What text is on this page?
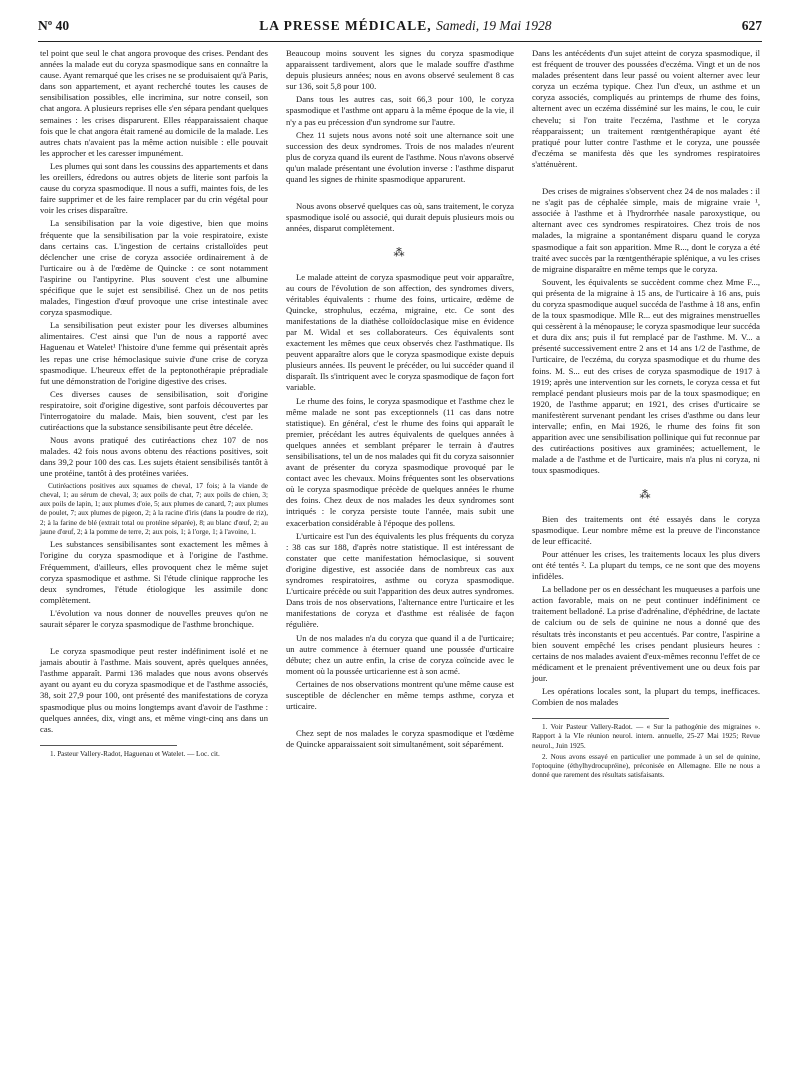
Nº 40	LA PRESSE MÉDICALE, Samedi, 19 Mai 1928	627

tel point que seul le chat angora provoque des crises. Pendant des années la malade eut du coryza spasmodique sans en connaître la cause. Ayant remarqué que les crises ne se produisaient qu'à Paris, dans son appartement, et ayant recherché toutes les causes de sensibilisation possibles, elle incrimina, sur notre conseil, son chat angora. A plusieurs reprises elle s'en sépara pendant quelques semaines : les crises disparurent. Elles réapparaissaient chaque fois que le chat angora était ramené au domicile de la malade. Les autres chats n'avaient pas la même action nuisible : elle pouvait les approcher et les caresser impunément.

Les plumes qui sont dans les coussins des appartements et dans les oreillers, édredons ou autres objets de literie sont parfois la cause du coryza spasmodique. Il nous a suffi, maintes fois, de les faire supprimer et de les faire remplacer par du crin végétal pour voir les crises disparaître.

La sensibilisation par la voie digestive, bien que moins fréquente que la sensibilisation par la voie respiratoire, existe dans certains cas. L'ingestion de certains cristalloïdes peut déclencher une crise de coryza associée ordinairement à de l'urticaire ou à de l'œdème de Quincke : ce sont notamment l'aspirine ou l'antipyrine. Plus souvent c'est une albumine spécifique que le sujet est sensibilisé. Chez un de nos petits malades, l'ingestion d'œuf provoque une crise intestinale avec coryza spasmodique.

La sensibilisation peut exister pour les diverses albumines alimentaires. C'est ainsi que l'un de nous a rapporté avec Haguenau et Watelet¹ l'histoire d'une femme qui présentait après les repas une crise hémoclasique suivie d'une crise de coryza spasmodique. L'heureux effet de la peptonothérapie prépradiale fut une démonstration de l'origine digestive des crises.

Ces diverses causes de sensibilisation, soit d'origine respiratoire, soit d'origine digestive, sont parfois découvertes par l'interrogatoire du malade. Mais, bien souvent, c'est par les cutiréactions que la substance sensibilisante peut être décelée.

Nous avons pratiqué des cutiréactions chez 107 de nos malades. 42 fois nous avons obtenu des réactions positives, soit dans 39,2 pour 100 des cas. Les sujets étaient sensibilisés tantôt à une protéine, tantôt à des protéines variées.

Cutiréactions positives aux squames de cheval, 17 fois; à la viande de cheval, 1; au sérum de cheval, 3; aux poils de chat, 7; aux poils de chien, 3; aux poils de lapin, 1; aux plumes d'oie, 5; aux plumes de canard, 7; aux plumes de poulet, 7; aux plumes de pigeon, 2; à la racine d'iris (dans la poudre de riz), 2; à la farine de blé (extrait total ou protéine séparée), 8; au blanc d'œuf, 2; au jaune d'œuf, 2; à la pomme de terre, 2; aux pois, 1; à l'orge, 1; à l'avoine, 1.

Les substances sensibilisantes sont exactement les mêmes à l'origine du coryza spasmodique et à l'origine de l'asthme. Fréquemment, d'ailleurs, elles provoquent chez le même sujet coryza spasmodique et asthme. Si l'étude clinique rapproche les deux syndromes, l'étude étiologique les assimile donc complètement.

L'évolution va nous donner de nouvelles preuves qu'on ne saurait séparer le coryza spasmodique de l'asthme bronchique.

Le coryza spasmodique peut rester indéfiniment isolé et ne jamais aboutir à l'asthme. Mais souvent, après quelques années, l'asthme apparaît. Parmi 136 malades que nous avons observés ayant ou ayant eu du coryza spasmodique et de l'asthme associés, 38, soit 27,9 pour 100, ont présenté des manifestations de coryza spasmodique plus ou moins longtemps avant d'avoir de l'asthme : quelques années, dix, vingt ans, et même vingt-cinq ans dans un cas.

1. Pasteur Vallery-Radot, Haguenau et Watelet. — Loc. cit.

Beaucoup moins souvent les signes du coryza spasmodique apparaissent tardivement, alors que le malade souffre d'asthme depuis plusieurs années; nous en avons observé seulement 8 cas sur 136, soit 5,8 pour 100.

Dans tous les autres cas, soit 66,3 pour 100, le coryza spasmodique et l'asthme ont apparu à la même époque de la vie, il n'y a pas eu précession d'un syndrome sur l'autre.

Chez 11 sujets nous avons noté soit une alternance soit une succession des deux syndromes. Trois de nos malades n'eurent plus de coryza quand ils eurent de l'asthme. Nous n'avons observé qu'un malade présentant une évolution inverse : l'asthme disparut quand les signes de rhinite spasmodique apparurent.

Nous avons observé quelques cas où, sans traitement, le coryza spasmodique isolé ou associé, qui durait depuis plusieurs mois ou années, disparut complètement.

⁂

Le malade atteint de coryza spasmodique peut voir apparaître, au cours de l'évolution de son affection, des syndromes divers, véritables équivalents : rhume des foins, urticaire, œdème de Quincke, strophulus, eczéma, migraine, etc. Ce sont des manifestations de la diathèse colloïdoclasique mise en évidence par M. Widal et ses collaborateurs. Ces équivalents sont exactement les mêmes que ceux observés chez l'asthmatique. Ils peuvent apparaître alors que le coryza spasmodique existe depuis plusieurs années. Ils peuvent le précéder, ou lui succéder quand il disparaît. Ils s'intriquent avec le coryza spasmodique de façon fort variable.

Le rhume des foins, le coryza spasmodique et l'asthme chez le même malade ne sont pas exceptionnels (11 cas dans notre statistique). En général, c'est le rhume des foins qui apparaît le premier, précédant les autres équivalents de quelques années à quelques années et semblant préparer le terrain à d'autres sensibilisations, tel un de nos malades qui fit du coryza saisonnier avant de présenter du coryza spasmodique provoqué par le contact avec les chevaux. Moins fréquentes sont les observations où le coryza spasmodique précède de quelques années le rhume des foins. Chez deux de nos malades les deux syndromes sont intriqués : le coryza persiste toute l'année, mais subit une exacerbation considérable à l'époque des pollens.

L'urticaire est l'un des équivalents les plus fréquents du coryza : 38 cas sur 188, d'après notre statistique. Il est intéressant de constater que cette manifestation hémoclasique, si souvent d'origine digestive, est associée dans de nombreux cas aux syndromes respiratoires, asthme ou coryza spasmodique. L'urticaire précède ou suit l'apparition des deux autres syndromes. Dans trois de nos observations, l'alternance entre l'urticaire et les manifestations de coryza et d'asthme est réalisée de façon régulière.

Un de nos malades n'a du coryza que quand il a de l'urticaire; un autre commence à éternuer quand une poussée d'urticaire débute; chez un autre enfin, la crise de coryza coïncide avec le moment où la poussée urticarienne est à son acmé.

Certaines de nos observations montrent qu'une même cause est susceptible de déclencher en même temps asthme, coryza et urticaire.

Chez sept de nos malades le coryza spasmodique et l'œdème de Quincke apparaissaient soit simultanément, soit séparément.

Dans les antécédents d'un sujet atteint de coryza spasmodique, il est fréquent de trouver des poussées d'eczéma. Vingt et un de nos malades présentent dans leur passé ou voient alterner avec leur coryza un eczéma typique. Chez l'un d'eux, un asthme et un coryza associés, compliqués au printemps de rhume des foins, alternent avec un eczéma disséminé sur les mains, le cou, le cuir chevelu; si l'on traite l'eczéma, l'asthme et le coryza réapparaissent; un traitement rœntgenthérapique ayant été pratiqué pour lutter contre l'asthme et le coryza, une poussée d'eczéma se manifesta dès que les syndromes respiratoires s'atténuèrent.

Des crises de migraines s'observent chez 24 de nos malades : il ne s'agit pas de céphalée simple, mais de migraine vraie ¹, associée à l'asthme et à l'hydrorrhée nasale paroxystique, ou alternant avec ces syndromes respiratoires. Chez trois de nos malades, la migraine a spontanément disparu quand le coryza spasmodique a fait son apparition. Mme R..., dont le coryza a été traité avec succès par la rœntgenthérapie splénique, a vu les crises de migraine disparaître en même temps que le coryza.

Souvent, les équivalents se succèdent comme chez Mme F..., qui présenta de la migraine à 15 ans, de l'urticaire à 16 ans, puis du coryza spasmodique auquel succéda de l'asthme à 18 ans, enfin de la toux spasmodique. Mlle R... eut des migraines menstruelles qui cessèrent à la ménopause; le coryza spasmodique leur succéda et dura dix ans; puis il fut remplacé par de l'asthme. M. V... a présenté successivement entre 2 ans et 14 ans 1/2 de l'asthme, de l'urticaire, de l'eczéma, du coryza spasmodique et du rhume des foins. M. S... eut des crises de coryza spasmodique de 1917 à 1919; après une intervention sur les cornets, le coryza cessa et fut remplacé pendant plusieurs mois par de la toux spasmodique; en 1920, de l'asthme apparut; en 1921, des crises d'urticaire se manifestèrent survenant pendant les crises d'asthme ou dans leur intervalle; enfin, en Mai 1926, le rhume des foins fit son apparition avec une sensibilisation pollinique qui fut reconnue par des cutiréactions positives aux graminées; actuellement, le malade a de l'asthme et de l'urticaire, mais n'a plus ni coryza, ni toux spasmodiques.

⁂

Bien des traitements ont été essayés dans le coryza spasmodique. Leur nombre même est la preuve de l'inconstance de leur efficacité.

Pour atténuer les crises, les traitements locaux les plus divers ont été tentés ². La plupart du temps, ce ne sont que des moyens infidèles.

La belladone per os en desséchant les muqueuses a parfois une action favorable, mais on ne peut continuer indéfiniment ce traitement belladoné. La prise d'adrénaline, d'éphédrine, de lactate de calcium ou de sels de quinine ne nous a donné que des résultats très inconstants et peu accentués. Par contre, l'aspirine a bien souvent empêché les crises pendant plusieurs heures : certains de nos malades avaient d'eux-mêmes reconnu l'effet de ce médicament et le prenaient préventivement une ou deux fois par jour.

Les opérations locales sont, la plupart du temps, inefficaces. Combien de nos malades

1. Voir Pasteur Vallery-Radot. — « Sur la pathogénie des migraines ». Rapport à la VIe réunion neurol. intern. annuelle, 25-27 Mai 1925; Revue neurol., Juin 1925.

2. Nous avons essayé en particulier une pommade à un sel de quinine, l'optoquine (éthylhydrocupréine), préconisée en Allemagne. Elle ne nous a donné que rarement des résultats satisfaisants.
